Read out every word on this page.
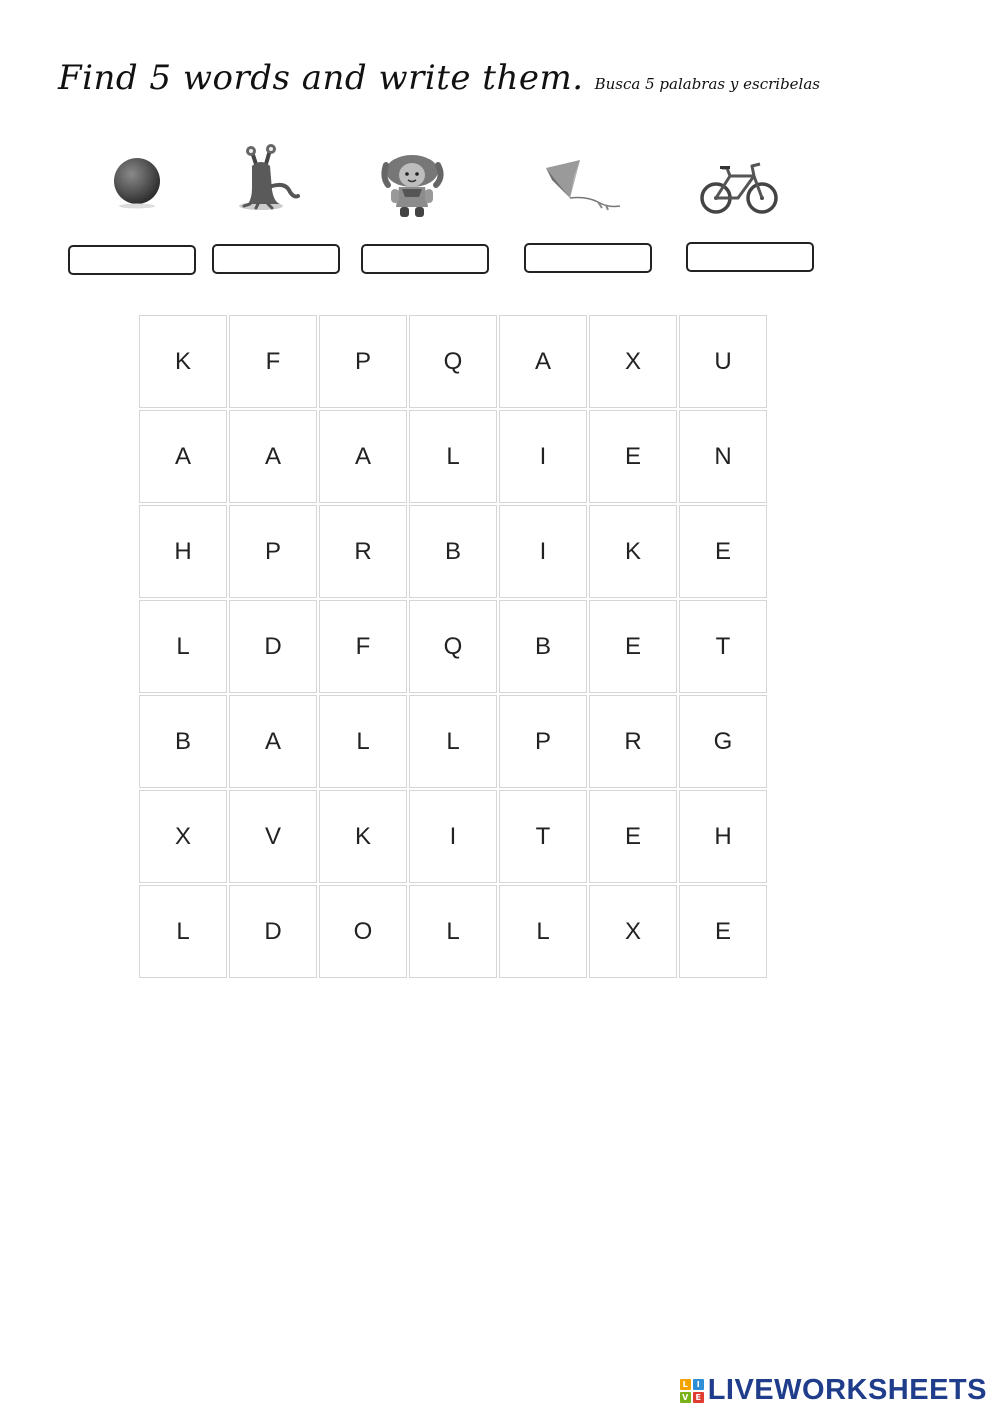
Find 5 words and write them. Busca 5 palabras y escribelas
K	F	P	Q	A	X	U
A	A	A	L	I	E	N
H	P	R	B	I	K	E
L	D	F	Q	B	E	T
B	A	L	L	P	R	G
X	V	K	I	T	E	H
L	D	O	L	L	X	E
L	I
V E LIVEWORKSHEETS
